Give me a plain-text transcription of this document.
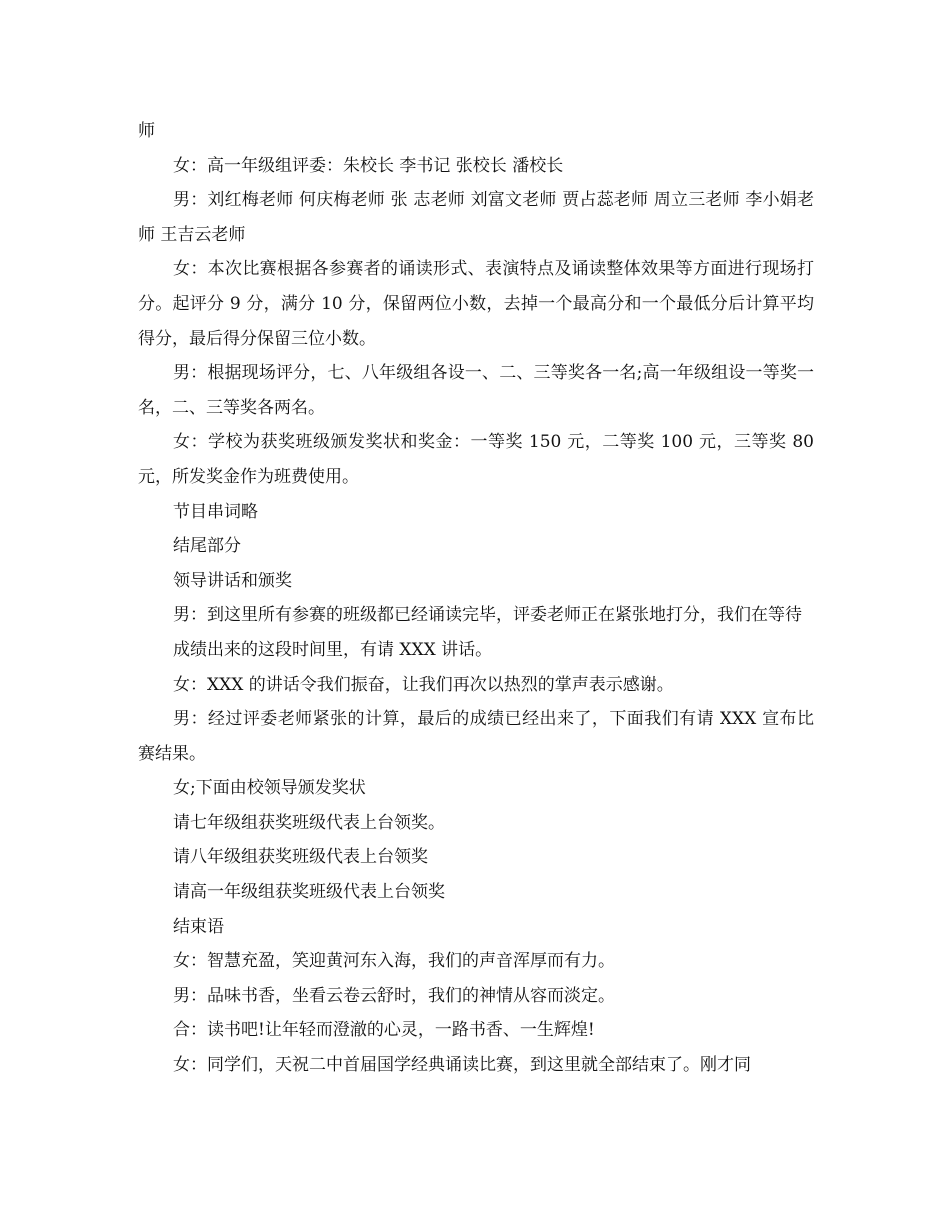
师

女：高一年级组评委：朱校长 李书记 张校长 潘校长

男：刘红梅老师 何庆梅老师 张 志老师 刘富文老师 贾占蕊老师 周立三老师 李小娟老师 王吉云老师

女：本次比赛根据各参赛者的诵读形式、表演特点及诵读整体效果等方面进行现场打分。起评分 9 分，满分 10 分，保留两位小数，去掉一个最高分和一个最低分后计算平均得分，最后得分保留三位小数。

男：根据现场评分，七、八年级组各设一、二、三等奖各一名;高一年级组设一等奖一名，二、三等奖各两名。

女：学校为获奖班级颁发奖状和奖金：一等奖 150 元，二等奖 100 元，三等奖 80 元，所发奖金作为班费使用。

节目串词略

结尾部分

领导讲话和颁奖

男：到这里所有参赛的班级都已经诵读完毕，评委老师正在紧张地打分，我们在等待

成绩出来的这段时间里，有请 XXX 讲话。

女：XXX 的讲话令我们振奋，让我们再次以热烈的掌声表示感谢。

男：经过评委老师紧张的计算，最后的成绩已经出来了，下面我们有请 XXX 宣布比赛结果。

女;下面由校领导颁发奖状

请七年级组获奖班级代表上台领奖。

请八年级组获奖班级代表上台领奖

请高一年级组获奖班级代表上台领奖

结束语

女：智慧充盈，笑迎黄河东入海，我们的声音浑厚而有力。

男：品味书香，坐看云卷云舒时，我们的神情从容而淡定。

合：读书吧!让年轻而澄澈的心灵，一路书香、一生辉煌!

女：同学们，天祝二中首届国学经典诵读比赛，到这里就全部结束了。刚才同
